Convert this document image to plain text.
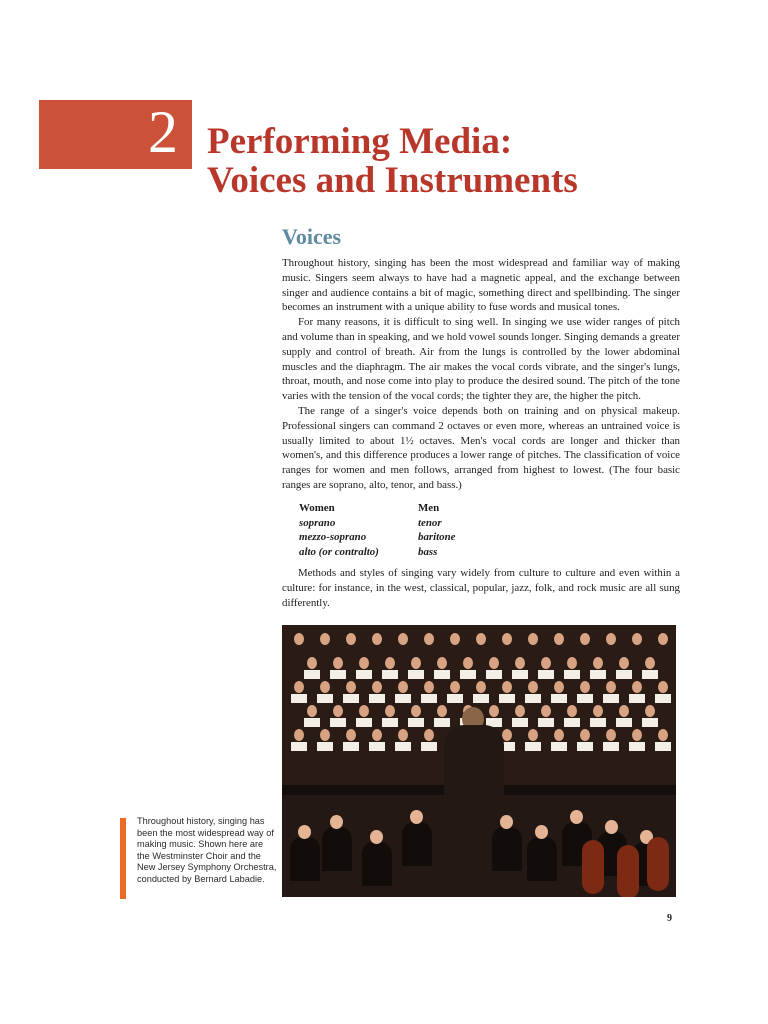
2 Performing Media:
Voices and Instruments
Voices

Throughout history, singing has been the most widespread and familiar way of making music. Singers seem always to have had a magnetic appeal, and the exchange between singer and audience contains a bit of magic, something direct and spellbinding. The singer becomes an instrument with a unique ability to fuse words and musical tones.

For many reasons, it is difficult to sing well. In singing we use wider ranges of pitch and volume than in speaking, and we hold vowel sounds longer. Singing demands a greater supply and control of breath. Air from the lungs is controlled by the lower abdominal muscles and the diaphragm. The air makes the vocal cords vibrate, and the singer's lungs, throat, mouth, and nose come into play to produce the desired sound. The pitch of the tone varies with the tension of the vocal cords; the tighter they are, the higher the pitch.

The range of a singer's voice depends both on training and on physical makeup. Professional singers can command 2 octaves or even more, whereas an untrained voice is usually limited to about 1½ octaves. Men's vocal cords are longer and thicker than women's, and this difference produces a lower range of pitches. The classification of voice ranges for women and men follows, arranged from highest to lowest. (The four basic ranges are soprano, alto, tenor, and bass.)

Women	Men
soprano	tenor
mezzo-soprano	baritone
alto (or contralto)	bass

Methods and styles of singing vary widely from culture to culture and even within a culture: for instance, in the west, classical, popular, jazz, folk, and rock music are all sung differently.

Throughout history, singing has been the most widespread way of making music. Shown here are the Westminster Choir and the New Jersey Symphony Orchestra, conducted by Bernard Labadie.
9
